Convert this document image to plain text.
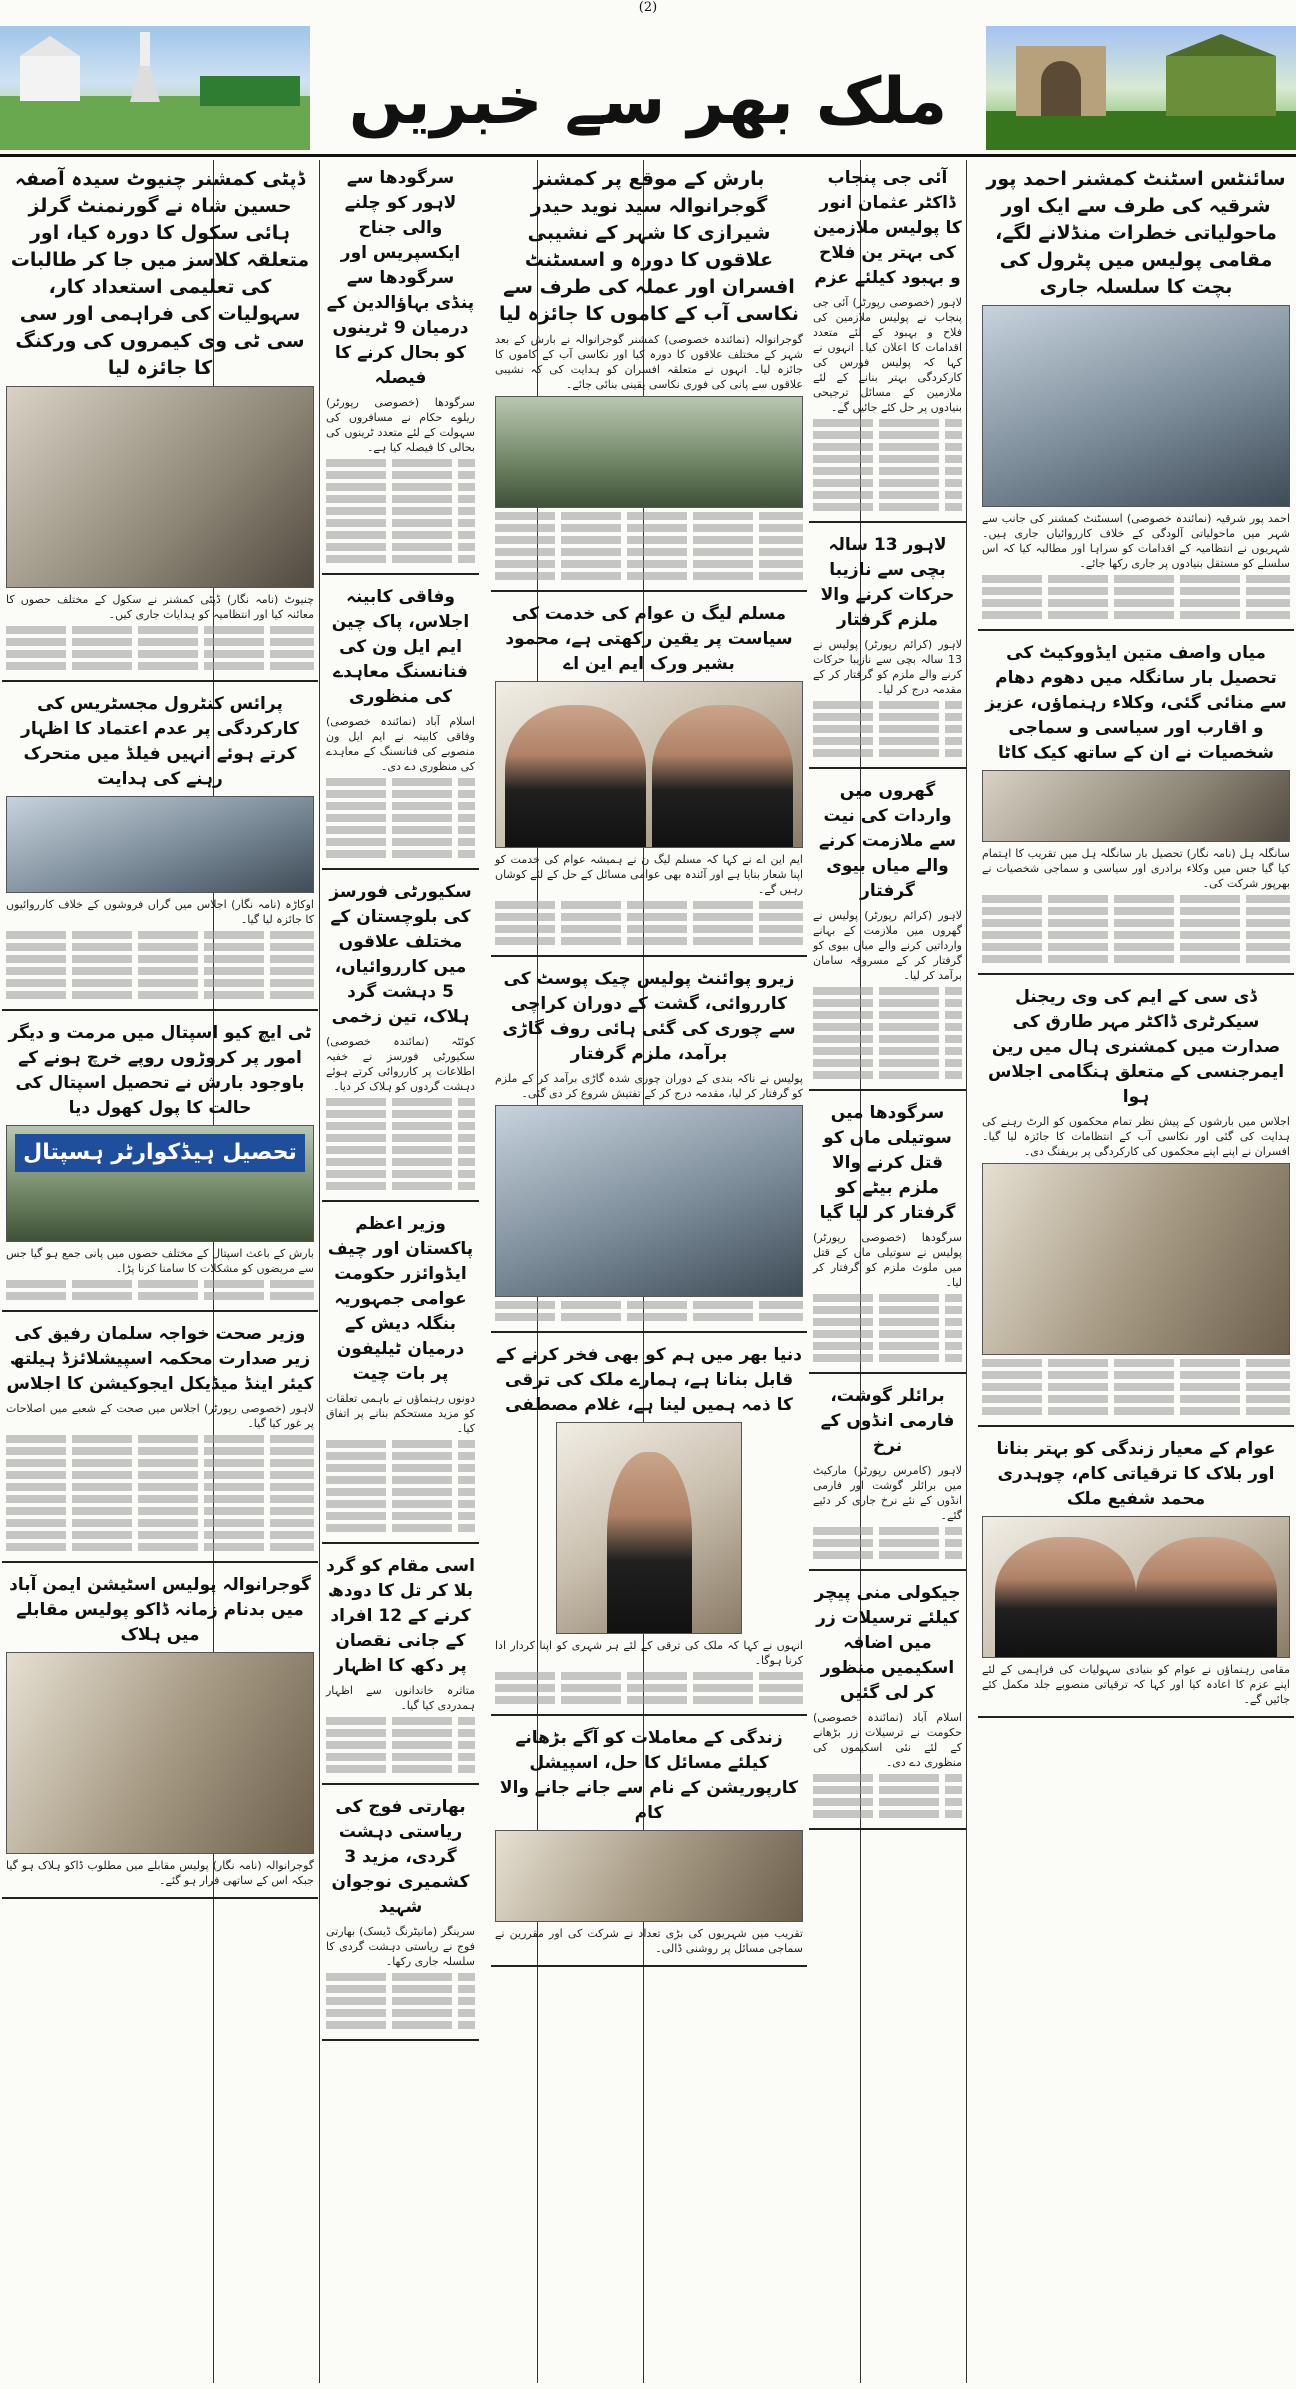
(2)
ملک بھر سے خبریں
سائنٹس اسٹنٹ کمشنر احمد پور شرقیہ کی طرف سے ایک اور ماحولیاتی خطرات منڈلانے لگے، مقامی پولیس میں پٹرول کی بچت کا سلسلہ جاری

احمد پور شرقیہ (نمائندہ خصوصی) اسسٹنٹ کمشنر کی جانب سے شہر میں ماحولیاتی آلودگی کے خلاف کارروائیاں جاری ہیں۔ شہریوں نے انتظامیہ کے اقدامات کو سراہا اور مطالبہ کیا کہ اس سلسلے کو مستقل بنیادوں پر جاری رکھا جائے۔

میاں واصف متین ایڈووکیٹ کی تحصیل بار سانگلہ میں دھوم دھام سے منائی گئی، وکلاء رہنماؤں، عزیز و اقارب اور سیاسی و سماجی شخصیات نے ان کے ساتھ کیک کاٹا

سانگلہ ہل (نامہ نگار) تحصیل بار سانگلہ ہل میں تقریب کا اہتمام کیا گیا جس میں وکلاء برادری اور سیاسی و سماجی شخصیات نے بھرپور شرکت کی۔

ڈی سی کے ایم کی وی ریجنل سیکرٹری ڈاکٹر مہر طارق کی صدارت میں کمشنری ہال میں رین ایمرجنسی کے متعلق ہنگامی اجلاس ہوا

اجلاس میں بارشوں کے پیش نظر تمام محکموں کو الرٹ رہنے کی ہدایت کی گئی اور نکاسی آب کے انتظامات کا جائزہ لیا گیا۔ افسران نے اپنے اپنے محکموں کی کارکردگی پر بریفنگ دی۔

عوام کے معیار زندگی کو بہتر بنانا اور بلاک کا ترقیاتی کام، چوہدری محمد شفیع ملک

مقامی رہنماؤں نے عوام کو بنیادی سہولیات کی فراہمی کے لئے اپنے عزم کا اعادہ کیا اور کہا کہ ترقیاتی منصوبے جلد مکمل کئے جائیں گے۔

آئی جی پنجاب ڈاکٹر عثمان انور کا پولیس ملازمین کی بہتر ین فلاح و بہبود کیلئے عزم

لاہور (خصوصی رپورٹر) آئی جی پنجاب نے پولیس ملازمین کی فلاح و بہبود کے لئے متعدد اقدامات کا اعلان کیا۔ انہوں نے کہا کہ پولیس فورس کی کارکردگی بہتر بنانے کے لئے ملازمین کے مسائل ترجیحی بنیادوں پر حل کئے جائیں گے۔

لاہور 13 سالہ بچی سے نازیبا حرکات کرنے والا ملزم گرفتار

لاہور (کرائم رپورٹر) پولیس نے 13 سالہ بچی سے نازیبا حرکات کرنے والے ملزم کو گرفتار کر کے مقدمہ درج کر لیا۔

گھروں میں واردات کی نیت سے ملازمت کرنے والے میاں بیوی گرفتار

لاہور (کرائم رپورٹر) پولیس نے گھروں میں ملازمت کے بہانے وارداتیں کرنے والے میاں بیوی کو گرفتار کر کے مسروقہ سامان برآمد کر لیا۔

سرگودھا میں سوتیلی ماں کو قتل کرنے والا ملزم بیٹے کو گرفتار کر لیا گیا

سرگودھا (خصوصی رپورٹر) پولیس نے سوتیلی ماں کے قتل میں ملوث ملزم کو گرفتار کر لیا۔

برائلر گوشت، فارمی انڈوں کے نرخ

لاہور (کامرس رپورٹر) مارکیٹ میں برائلر گوشت اور فارمی انڈوں کے نئے نرخ جاری کر دئیے گئے۔

جیکولی منی پیچر کیلئے ترسیلات زر میں اضافہ اسکیمیں منظور کر لی گئیں

اسلام آباد (نمائندہ خصوصی) حکومت نے ترسیلات زر بڑھانے کے لئے نئی اسکیموں کی منظوری دے دی۔

بارش کے موقع پر کمشنر گوجرانوالہ سید نوید حیدر شیرازی کا شہر کے نشیبی علاقوں کا دورہ و اسسٹنٹ افسران اور عملہ کی طرف سے نکاسی آب کے کاموں کا جائزہ لیا

گوجرانوالہ (نمائندہ خصوصی) کمشنر گوجرانوالہ نے بارش کے بعد شہر کے مختلف علاقوں کا دورہ کیا اور نکاسی آب کے کاموں کا جائزہ لیا۔ انہوں نے متعلقہ افسران کو ہدایت کی کہ نشیبی علاقوں سے پانی کی فوری نکاسی یقینی بنائی جائے۔

مسلم لیگ ن عوام کی خدمت کی سیاست پر یقین رکھتی ہے، محمود بشیر ورک ایم این اے

ایم این اے نے کہا کہ مسلم لیگ ن نے ہمیشہ عوام کی خدمت کو اپنا شعار بنایا ہے اور آئندہ بھی عوامی مسائل کے حل کے لئے کوشاں رہیں گے۔

زیرو پوائنٹ پولیس چیک پوسٹ کی کارروائی، گشت کے دوران کراچی سے چوری کی گئی ہائی روف گاڑی برآمد، ملزم گرفتار

پولیس نے ناکہ بندی کے دوران چوری شدہ گاڑی برآمد کر کے ملزم کو گرفتار کر لیا، مقدمہ درج کر کے تفتیش شروع کر دی گئی۔

دنیا بھر میں ہم کو بھی فخر کرنے کے قابل بنانا ہے، ہمارے ملک کی ترقی کا ذمہ ہمیں لینا ہے، غلام مصطفی

انہوں نے کہا کہ ملک کی ترقی کے لئے ہر شہری کو اپنا کردار ادا کرنا ہوگا۔

زندگی کے معاملات کو آگے بڑھانے کیلئے مسائل کا حل، اسپیشل کارپوریشن کے نام سے جانے جانے والا کام

تقریب میں شہریوں کی بڑی تعداد نے شرکت کی اور مقررین نے سماجی مسائل پر روشنی ڈالی۔

سرگودھا سے لاہور کو چلنے والی جناح ایکسپریس اور سرگودھا سے پنڈی بہاؤالدین کے درمیان 9 ٹرینوں کو بحال کرنے کا فیصلہ

سرگودھا (خصوصی رپورٹر) ریلوے حکام نے مسافروں کی سہولت کے لئے متعدد ٹرینوں کی بحالی کا فیصلہ کیا ہے۔

وفاقی کابینہ اجلاس، پاک چین ایم ایل ون کی فنانسنگ معاہدے کی منظوری

اسلام آباد (نمائندہ خصوصی) وفاقی کابینہ نے ایم ایل ون منصوبے کی فنانسنگ کے معاہدے کی منظوری دے دی۔

سکیورٹی فورسز کی بلوچستان کے مختلف علاقوں میں کارروائیاں، 5 دہشت گرد ہلاک، تین زخمی

کوئٹہ (نمائندہ خصوصی) سکیورٹی فورسز نے خفیہ اطلاعات پر کارروائی کرتے ہوئے دہشت گردوں کو ہلاک کر دیا۔

وزیر اعظم پاکستان اور چیف ایڈوائزر حکومت عوامی جمہوریہ بنگلہ دیش کے درمیان ٹیلیفون پر بات چیت

دونوں رہنماؤں نے باہمی تعلقات کو مزید مستحکم بنانے پر اتفاق کیا۔

اسی مقام کو گرد بلا کر تل کا دودھ کرنے کے 12 افراد کے جانی نقصان پر دکھ کا اظہار

متاثرہ خاندانوں سے اظہار ہمدردی کیا گیا۔

بھارتی فوج کی ریاستی دہشت گردی، مزید 3 کشمیری نوجوان شہید

سرینگر (مانیٹرنگ ڈیسک) بھارتی فوج نے ریاستی دہشت گردی کا سلسلہ جاری رکھا۔

ڈپٹی کمشنر چنیوٹ سیدہ آصفہ حسین شاہ نے گورنمنٹ گرلز ہائی سکول کا دورہ کیا، اور متعلقہ کلاسز میں جا کر طالبات کی تعلیمی استعداد کار، سہولیات کی فراہمی اور سی سی ٹی وی کیمروں کی ورکنگ کا جائزہ لیا

چنیوٹ (نامہ نگار) ڈپٹی کمشنر نے سکول کے مختلف حصوں کا معائنہ کیا اور انتظامیہ کو ہدایات جاری کیں۔

پرائس کنٹرول مجسٹریس کی کارکردگی پر عدم اعتماد کا اظہار کرتے ہوئے انہیں فیلڈ میں متحرک رہنے کی ہدایت

اوکاڑہ (نامہ نگار) اجلاس میں گراں فروشوں کے خلاف کارروائیوں کا جائزہ لیا گیا۔

ٹی ایچ کیو اسپتال میں مرمت و دیگر امور پر کروڑوں روپے خرچ ہونے کے باوجود بارش نے تحصیل اسپتال کی حالت کا پول کھول دیا
تحصیل ہیڈکوارٹر ہسپتال

بارش کے باعث اسپتال کے مختلف حصوں میں پانی جمع ہو گیا جس سے مریضوں کو مشکلات کا سامنا کرنا پڑا۔

وزیر صحت خواجہ سلمان رفیق کی زیر صدارت محکمہ اسپیشلائزڈ ہیلتھ کیئر اینڈ میڈیکل ایجوکیشن کا اجلاس

لاہور (خصوصی رپورٹر) اجلاس میں صحت کے شعبے میں اصلاحات پر غور کیا گیا۔

گوجرانوالہ پولیس اسٹیشن ایمن آباد میں بدنام زمانہ ڈاکو پولیس مقابلے میں ہلاک

گوجرانوالہ (نامہ نگار) پولیس مقابلے میں مطلوب ڈاکو ہلاک ہو گیا جبکہ اس کے ساتھی فرار ہو گئے۔
